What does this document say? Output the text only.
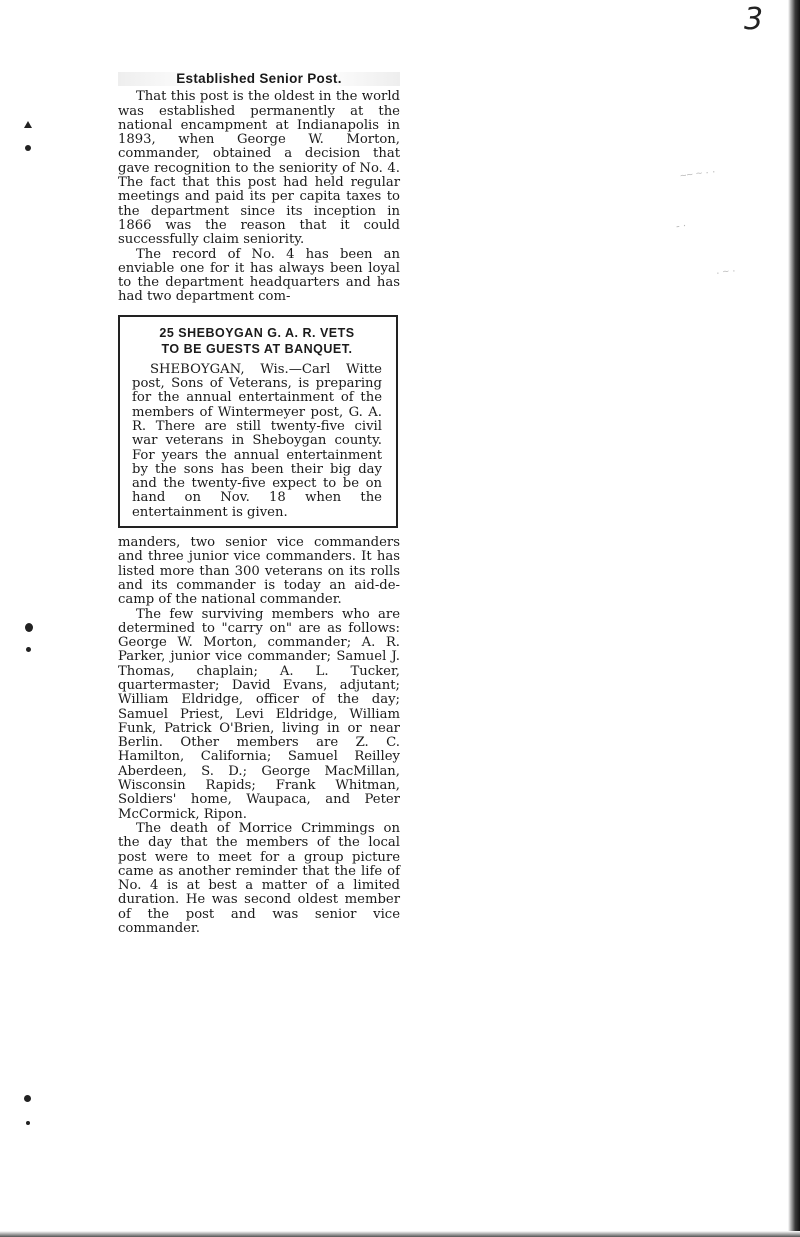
3
~~ ~ · ·
- ·
· ~ ·
Established Senior Post.

That this post is the oldest in the world was established permanently at the national encampment at Indianapolis in 1893, when George W. Morton, commander, obtained a decision that gave recognition to the seniority of No. 4. The fact that this post had held regular meetings and paid its per capita taxes to the department since its inception in 1866 was the reason that it could successfully claim seniority.

The record of No. 4 has been an enviable one for it has always been loyal to the department headquarters and has had two department com-

25 SHEBOYGAN G. A. R. VETS
TO BE GUESTS AT BANQUET.

SHEBOYGAN, Wis.—Carl Witte post, Sons of Veterans, is preparing for the annual entertainment of the members of Wintermeyer post, G. A. R. There are still twenty-five civil war veterans in Sheboygan county. For years the annual entertainment by the sons has been their big day and the twenty-five expect to be on hand on Nov. 18 when the entertainment is given.

manders, two senior vice commanders and three junior vice commanders. It has listed more than 300 veterans on its rolls and its commander is today an aid-de-camp of the national commander.

The few surviving members who are determined to "carry on" are as follows: George W. Morton, commander; A. R. Parker, junior vice commander; Samuel J. Thomas, chaplain; A. L. Tucker, quartermaster; David Evans, adjutant; William Eldridge, officer of the day; Samuel Priest, Levi Eldridge, William Funk, Patrick O'Brien, living in or near Berlin. Other members are Z. C. Hamilton, California; Samuel Reilley Aberdeen, S. D.; George MacMillan, Wisconsin Rapids; Frank Whitman, Soldiers' home, Waupaca, and Peter McCormick, Ripon.

The death of Morrice Crimmings on the day that the members of the local post were to meet for a group picture came as another reminder that the life of No. 4 is at best a matter of a limited duration. He was second oldest member of the post and was senior vice commander.
